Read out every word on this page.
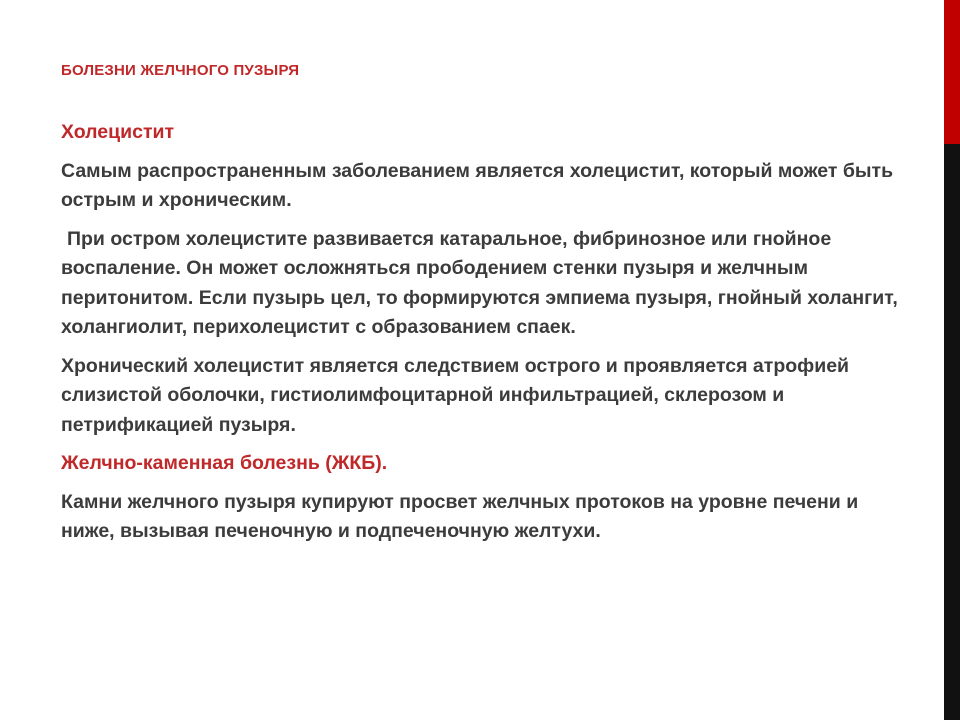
БОЛЕЗНИ ЖЕЛЧНОГО ПУЗЫРЯ

Холецистит

Самым распространенным заболеванием является холецистит, который может быть острым и хроническим.

При остром холецистите развивается катаральное, фибринозное или гнойное воспаление. Он может осложняться прободением стенки пузыря и желчным перитонитом. Если пузырь цел, то формируются эмпиема пузыря, гнойный холангит, холангиолит, перихолецистит с образованием спаек.

Хронический холецистит является следствием острого и проявляется атрофией слизистой оболочки, гистиолимфоцитарной инфильтрацией, склерозом и петрификацией пузыря.

Желчно-каменная болезнь (ЖКБ).

Камни желчного пузыря купируют просвет желчных протоков на уровне печени и ниже, вызывая печеночную и подпеченочную желтухи.
